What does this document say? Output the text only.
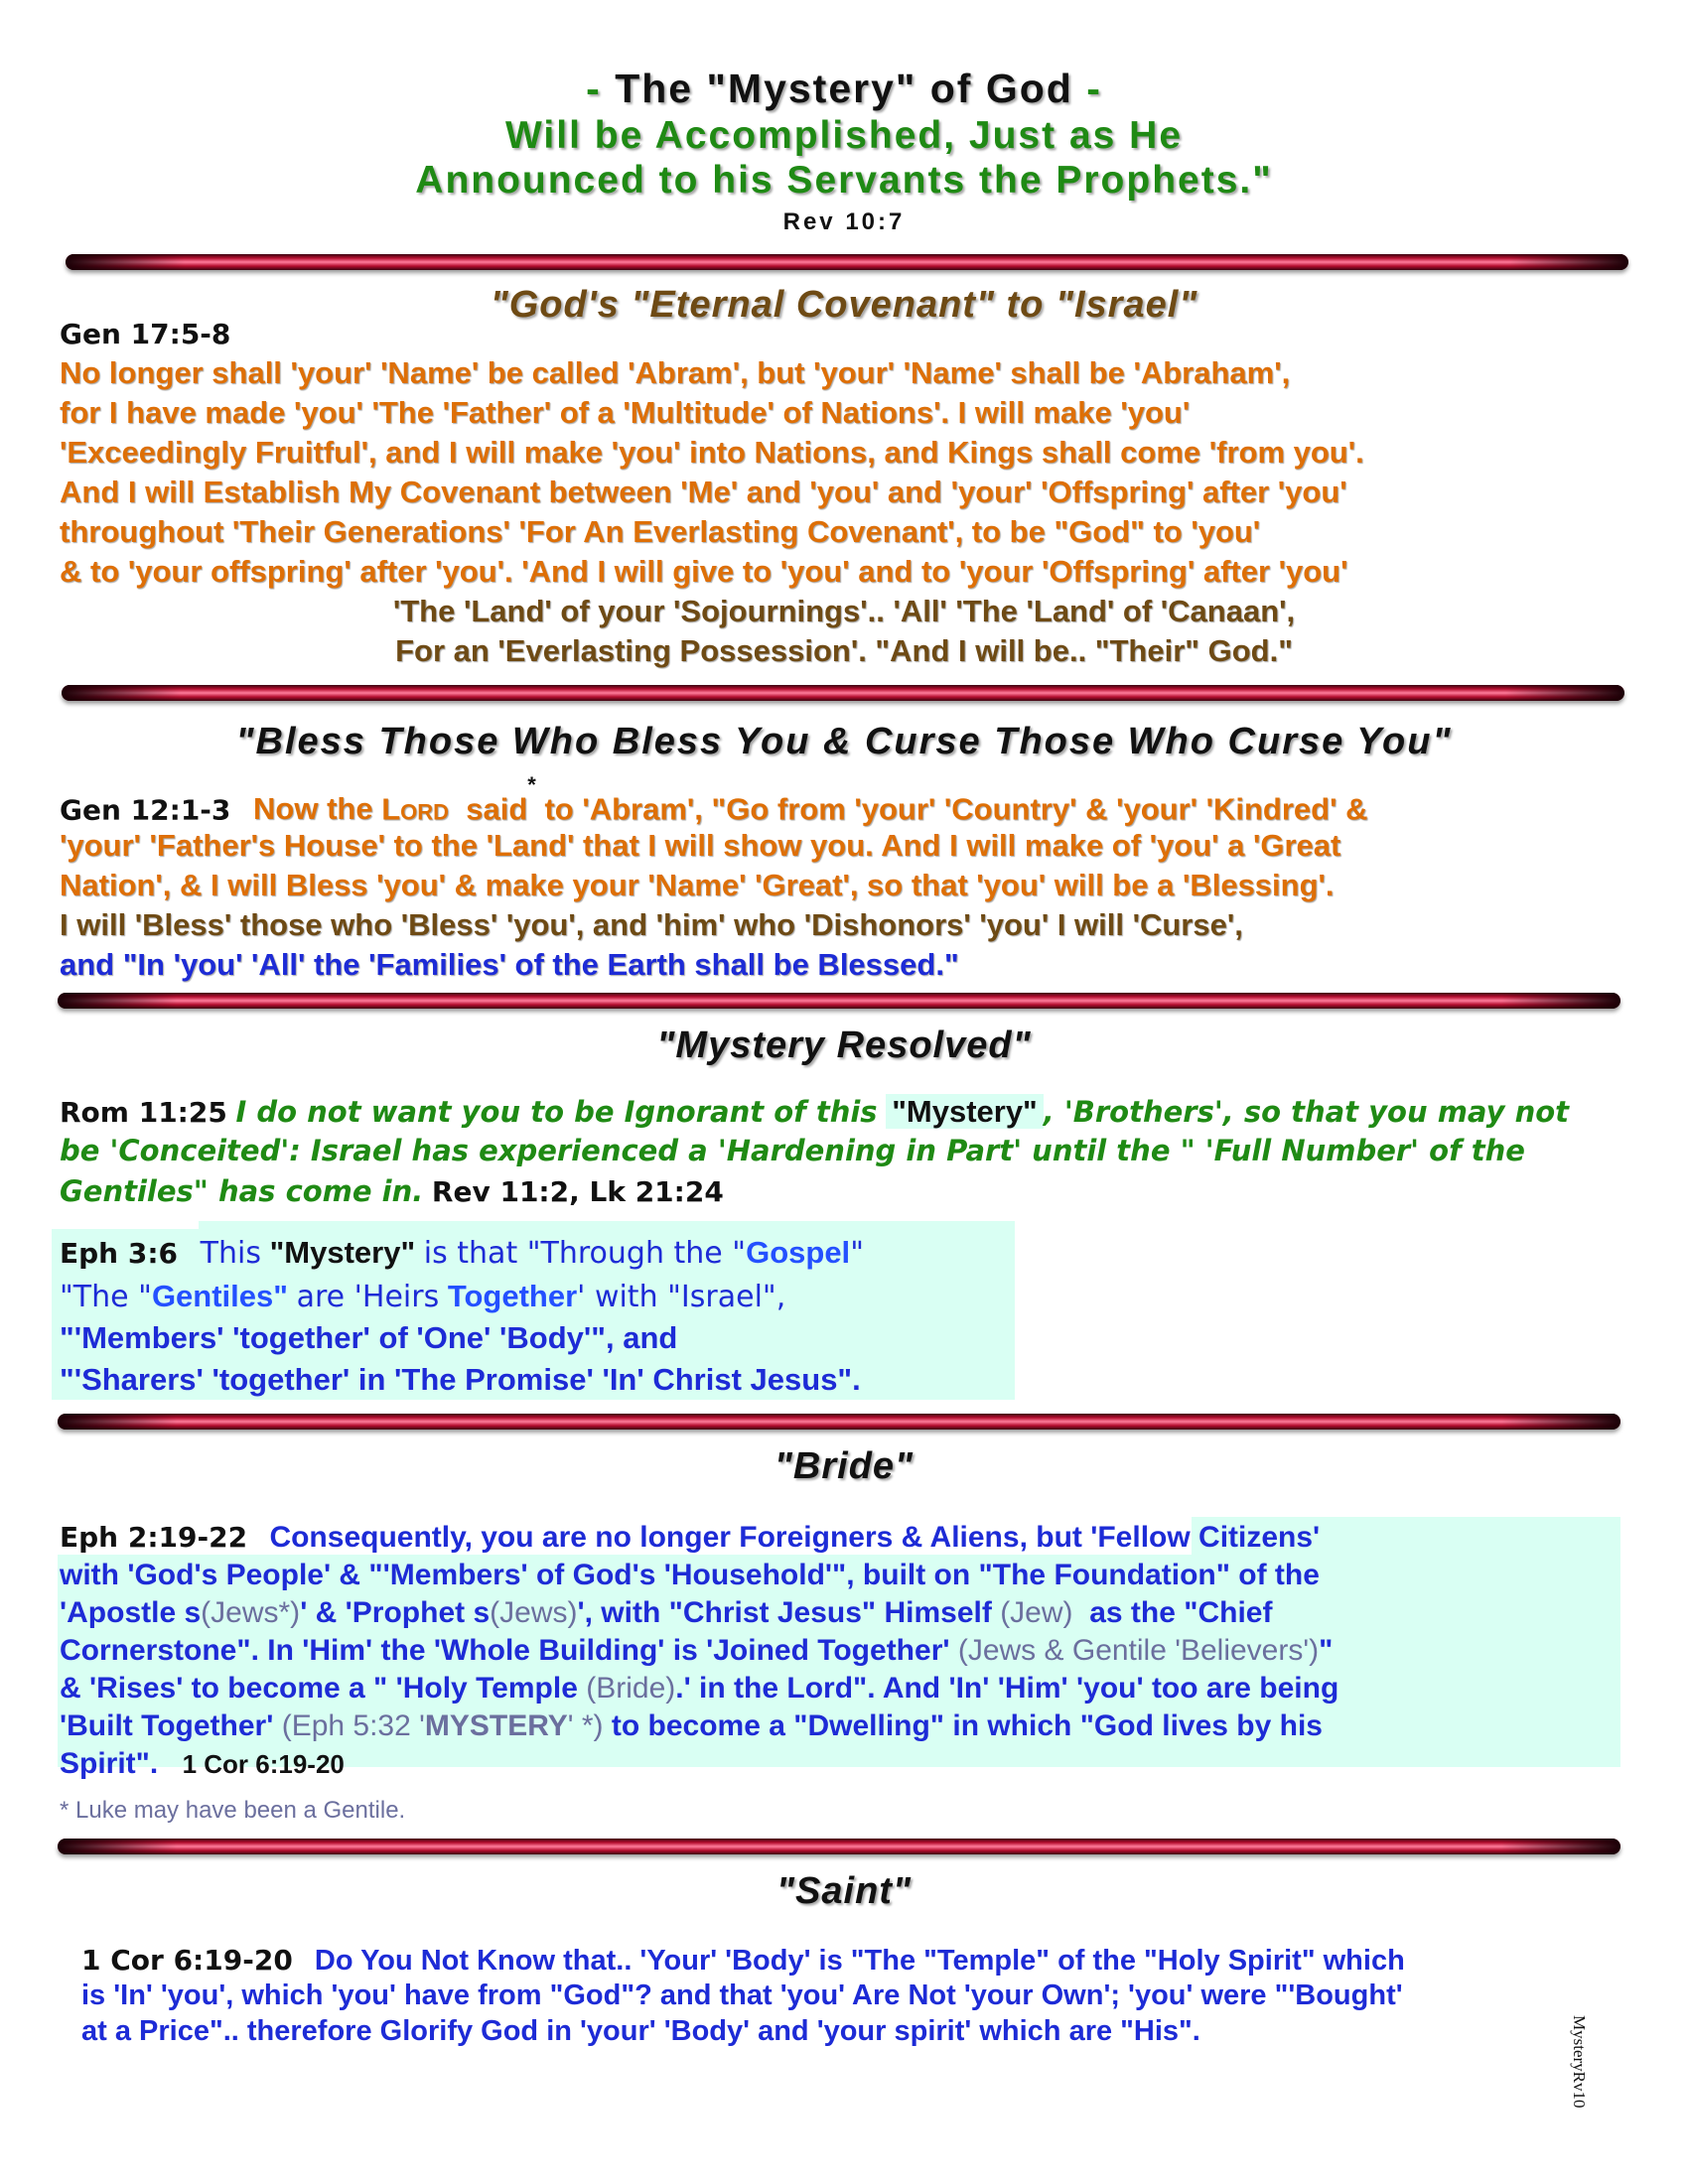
- The "Mystery" of God -
Will be Accomplished, Just as He
Announced to his Servants the Prophets."
Rev 10:7
"God's "Eternal Covenant" to "Israel"
Gen 17:5-8
No longer shall 'your' 'Name' be called 'Abram', but 'your' 'Name' shall be 'Abraham',
for I have made 'you' 'The 'Father' of a 'Multitude' of Nations'. I will make 'you'
'Exceedingly Fruitful', and I will make 'you' into Nations, and Kings shall come 'from you'.
And I will Establish My Covenant between 'Me' and 'you' and 'your' 'Offspring' after 'you'
throughout 'Their Generations' 'For An Everlasting Covenant', to be "God" to 'you'
& to 'your offspring' after 'you'. 'And I will give to 'you' and to 'your 'Offspring' after 'you'
'The 'Land' of your 'Sojournings'.. 'All' 'The 'Land' of 'Canaan',
For an 'Everlasting Possession'. "And I will be.. "Their" God."
"Bless Those Who Bless You & Curse Those Who Curse You"
Gen 12:1-3 Now the LORD  said* to 'Abram', "Go from 'your' 'Country' & 'your' 'Kindred' &
'your' 'Father's House' to the 'Land' that I will show you. And I will make of 'you' a 'Great
Nation', & I will Bless 'you' & make your 'Name' 'Great', so that 'you' will be a 'Blessing'.
I will 'Bless' those who 'Bless' 'you', and 'him' who 'Dishonors' 'you' I will 'Curse',
and "In 'you' 'All' the 'Families' of the Earth shall be Blessed."
"Mystery Resolved"
Rom 11:25 I do not want you to be Ignorant of this "Mystery" , 'Brothers', so that you may not
be 'Conceited': Israel has experienced a 'Hardening in Part' until the " 'Full Number' of the
Gentiles" has come in. Rev 11:2, Lk 21:24
Eph 3:6 This "Mystery" is that "Through the "Gospel"
"The "Gentiles" are 'Heirs Together' with "Israel",
"'Members' 'together' of 'One' 'Body'", and
"'Sharers' 'together' in 'The Promise' 'In' Christ Jesus".
"Bride"
Eph 2:19-22 Consequently, you are no longer Foreigners & Aliens, but 'Fellow Citizens'
with 'God's People' & "'Members' of God's 'Household'", built on "The Foundation" of the
'Apostle s(Jews*)' & 'Prophet s(Jews)', with "Christ Jesus" Himself (Jew)  as the "Chief
Cornerstone". In 'Him' the 'Whole Building' is 'Joined Together' (Jews & Gentile 'Believers')"
& 'Rises' to become a " 'Holy Temple (Bride).' in the Lord". And 'In' 'Him' 'you' too are being
'Built Together' (Eph 5:32 'MYSTERY' *) to become a "Dwelling" in which "God lives by his
Spirit". 1 Cor 6:19-20
* Luke may have been a Gentile.
"Saint"
1 Cor 6:19-20 Do You Not Know that.. 'Your' 'Body' is "The "Temple" of the "Holy Spirit" which
is 'In' 'you', which 'you' have from "God"? and that 'you' Are Not 'your Own'; 'you' were "'Bought'
at a Price".. therefore Glorify God in 'your' 'Body' and 'your spirit' which are "His".	MysteryRv10
